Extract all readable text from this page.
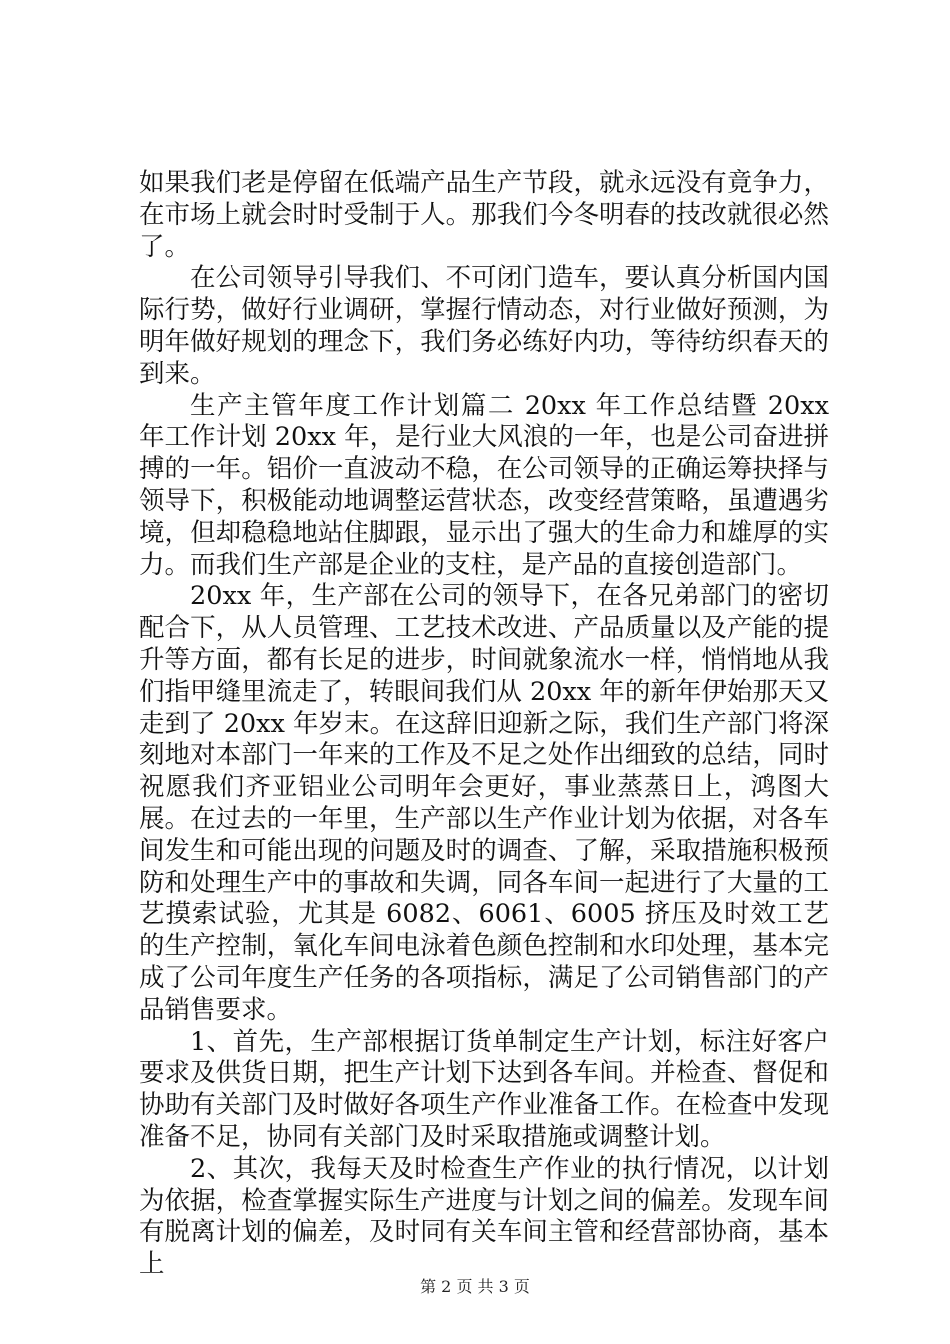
如果我们老是停留在低端产品生产节段，就永远没有竟争力，在市场上就会时时受制于人。那我们今冬明春的技改就很必然了。

在公司领导引导我们、不可闭门造车，要认真分析国内国际行势，做好行业调研，掌握行情动态，对行业做好预测，为明年做好规划的理念下，我们务必练好内功，等待纺织春天的到来。

生产主管年度工作计划篇二 20xx 年工作总结暨 20xx 年工作计划 20xx 年，是行业大风浪的一年，也是公司奋进拼搏的一年。铝价一直波动不稳，在公司领导的正确运筹抉择与领导下，积极能动地调整运营状态，改变经营策略，虽遭遇劣境，但却稳稳地站住脚跟，显示出了强大的生命力和雄厚的实力。而我们生产部是企业的支柱，是产品的直接创造部门。

20xx 年，生产部在公司的领导下，在各兄弟部门的密切配合下，从人员管理、工艺技术改进、产品质量以及产能的提升等方面，都有长足的进步，时间就象流水一样，悄悄地从我们指甲缝里流走了，转眼间我们从 20xx 年的新年伊始那天又走到了 20xx 年岁末。在这辞旧迎新之际，我们生产部门将深刻地对本部门一年来的工作及不足之处作出细致的总结，同时祝愿我们齐亚铝业公司明年会更好，事业蒸蒸日上，鸿图大展。在过去的一年里，生产部以生产作业计划为依据，对各车间发生和可能出现的问题及时的调查、了解，采取措施积极预防和处理生产中的事故和失调，同各车间一起进行了大量的工艺摸索试验，尤其是 6082、6061、6005 挤压及时效工艺的生产控制，氧化车间电泳着色颜色控制和水印处理，基本完成了公司年度生产任务的各项指标，满足了公司销售部门的产品销售要求。

1、首先，生产部根据订货单制定生产计划，标注好客户要求及供货日期，把生产计划下达到各车间。并检查、督促和协助有关部门及时做好各项生产作业准备工作。在检查中发现准备不足，协同有关部门及时采取措施或调整计划。

2、其次，我每天及时检查生产作业的执行情况，以计划为依据，检查掌握实际生产进度与计划之间的偏差。发现车间有脱离计划的偏差，及时同有关车间主管和经营部协商，基本上

第 2 页 共 3 页
